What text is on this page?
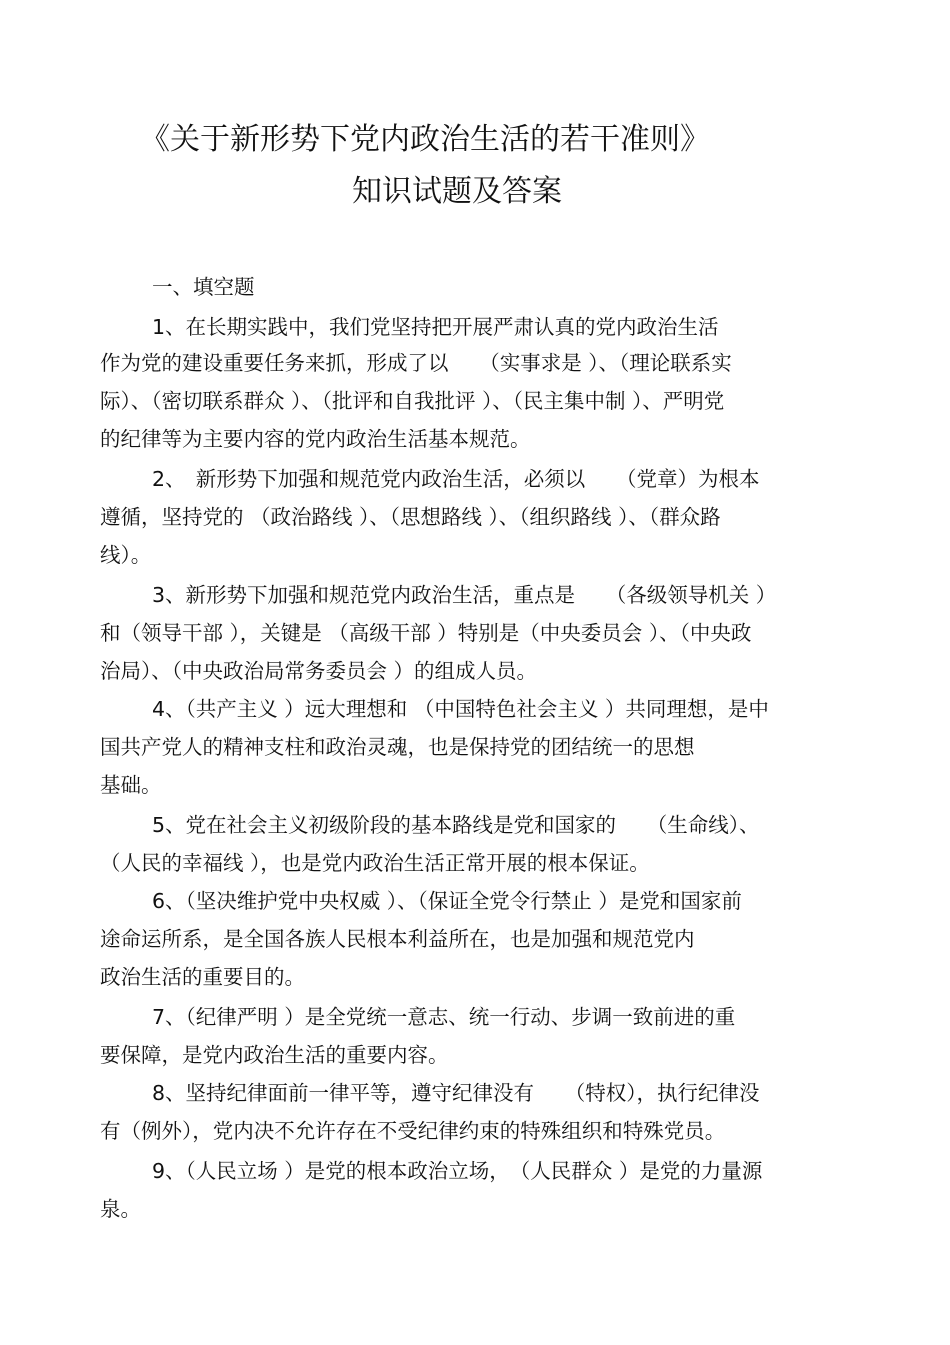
《关于新形势下党内政治生活的若干准则》
知识试题及答案
一、填空题
1、在长期实践中，我们党坚持把开展严肃认真的党内政治生活
作为党的建设重要任务来抓，形成了以　　（实事求是 ）、（理论联系实
际）、（密切联系群众 ）、（批评和自我批评 ）、（民主集中制 ）、严明党
的纪律等为主要内容的党内政治生活基本规范。
2、　新形势下加强和规范党内政治生活，必须以　　（党章）为根本
遵循，坚持党的 （政治路线 ）、（思想路线 ）、（组织路线 ）、（群众路
线）。
3、新形势下加强和规范党内政治生活，重点是　　（各级领导机关 ）
和（领导干部 ），关键是 （高级干部 ）特别是（中央委员会 ）、（中央政
治局）、（中央政治局常务委员会 ）的组成人员。
4、（共产主义 ）远大理想和 （中国特色社会主义 ）共同理想，是中
国共产党人的精神支柱和政治灵魂，也是保持党的团结统一的思想
基础。
5、党在社会主义初级阶段的基本路线是党和国家的　　（生命线）、
（人民的幸福线 ），也是党内政治生活正常开展的根本保证。
6、（坚决维护党中央权威 ）、（保证全党令行禁止 ）是党和国家前
途命运所系，是全国各族人民根本利益所在，也是加强和规范党内
政治生活的重要目的。
7、（纪律严明 ）是全党统一意志、统一行动、步调一致前进的重
要保障，是党内政治生活的重要内容。
8、坚持纪律面前一律平等，遵守纪律没有　　（特权），执行纪律没
有（例外），党内决不允许存在不受纪律约束的特殊组织和特殊党员。
9、（人民立场 ）是党的根本政治立场，　（人民群众 ）是党的力量源
泉。
